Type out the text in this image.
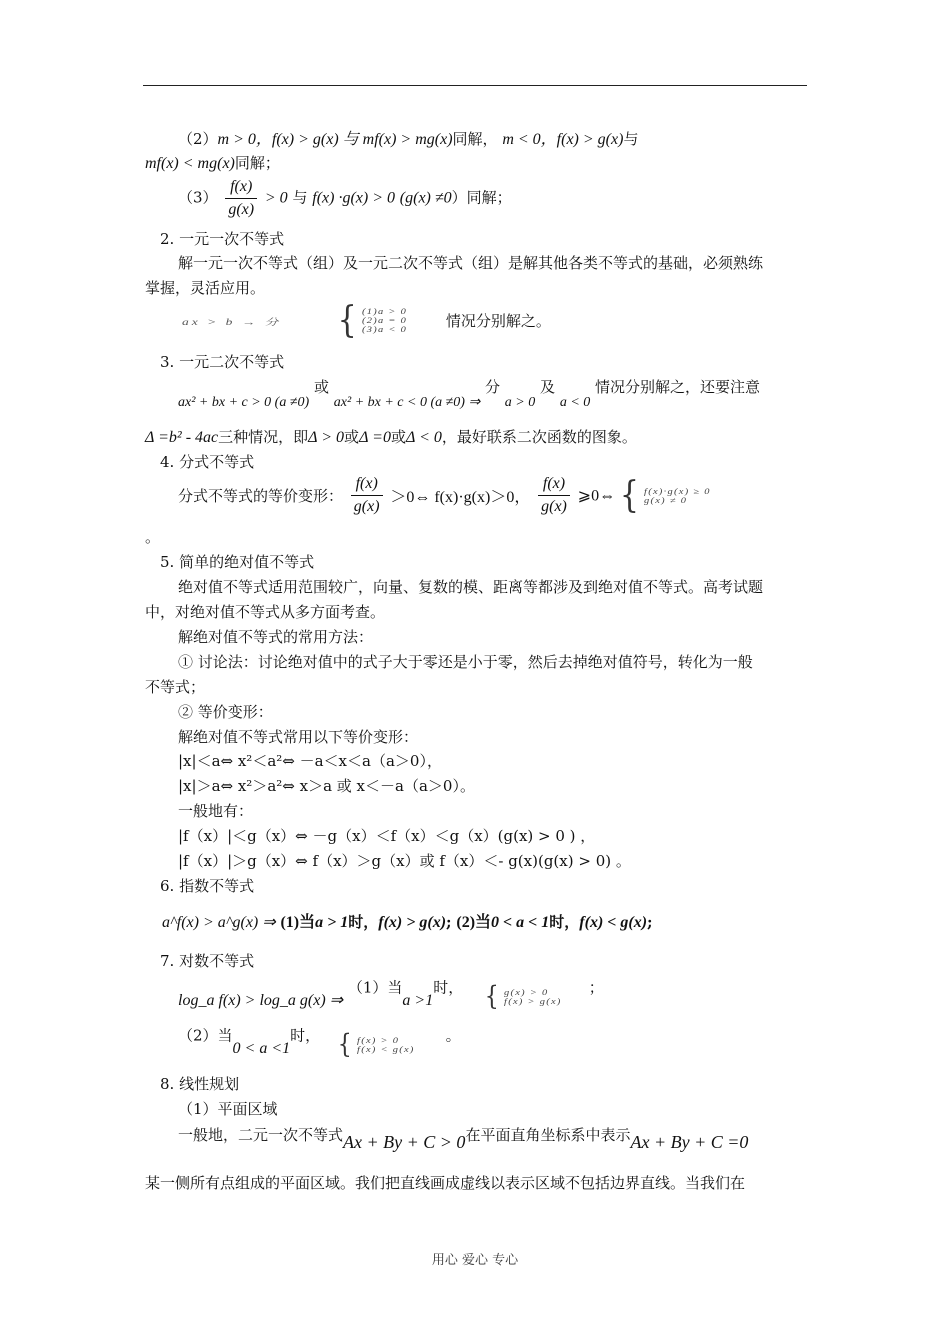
（2）m > 0，f(x) > g(x) 与 mf(x) > mg(x)同解， m < 0，f(x) > g(x)与
mf(x) < mg(x)同解；
$(3) \frac{f(x)}{g(x)} > 0$ 与 f(x) ·g(x) > 0 (g(x) ≠0）同解；
2. 一元一次不等式
解一元一次不等式（组）及一元二次不等式（组）是解其他各类不等式的基础，必须熟练
掌握，灵活应用。
ax > b → 分 { (1)a > 0
(2)a = 0
(3)a < 0	情况分别解之。
3. 一元二次不等式
ax² + bx + c > 0 (a ≠0) 或 ax² + bx + c < 0 (a ≠0) ⇒ 分 a > 0 及 a < 0 情况分别解之，还要注意
Δ =b² - 4ac三种情况，即Δ > 0或Δ =0或Δ < 0，最好联系二次函数的图象。
4. 分式不等式
分式不等式的等价变形： $\frac{f(x)}{g(x)}$ ＞0⇔ f(x)·g(x)＞0， $\frac{f(x)}{g(x)}$ ⩾0⇔ { f(x)·g(x) ≥ 0
g(x) ≠ 0
。
5. 简单的绝对值不等式
绝对值不等式适用范围较广，向量、复数的模、距离等都涉及到绝对值不等式。高考试题
中，对绝对值不等式从多方面考查。
解绝对值不等式的常用方法：
① 讨论法：讨论绝对值中的式子大于零还是小于零，然后去掉绝对值符号，转化为一般
不等式；
② 等价变形：
解绝对值不等式常用以下等价变形：
|x|＜a⇔ x²＜a²⇔ －a＜x＜a（a＞0），
|x|＞a⇔ x²＞a²⇔ x＞a 或 x＜－a（a＞0）。
一般地有：
|f（x）|＜g（x）⇔ －g（x）＜f（x）＜g（x）(g(x) > 0 ) ，
|f（x）|＞g（x）⇔ f（x）＞g（x）或 f（x）＜- g(x)(g(x) > 0) 。
6. 指数不等式
a^f(x) > a^g(x) ⇒ (1)当a > 1时，f(x) > g(x); (2)当0 < a < 1时，f(x) < g(x);
7. 对数不等式
log_a f(x) > log_a g(x) ⇒ （1）当a >1时， { g(x) > 0
f(x) > g(x)
；
（2）当0 < a <1时， { f(x) > 0
f(x) < g(x)
。
8. 线性规划
（1）平面区域
一般地，二元一次不等式Ax + By + C > 0在平面直角坐标系中表示Ax + By + C =0
某一侧所有点组成的平面区域。我们把直线画成虚线以表示区域不包括边界直线。当我们在
用心 爱心 专心
